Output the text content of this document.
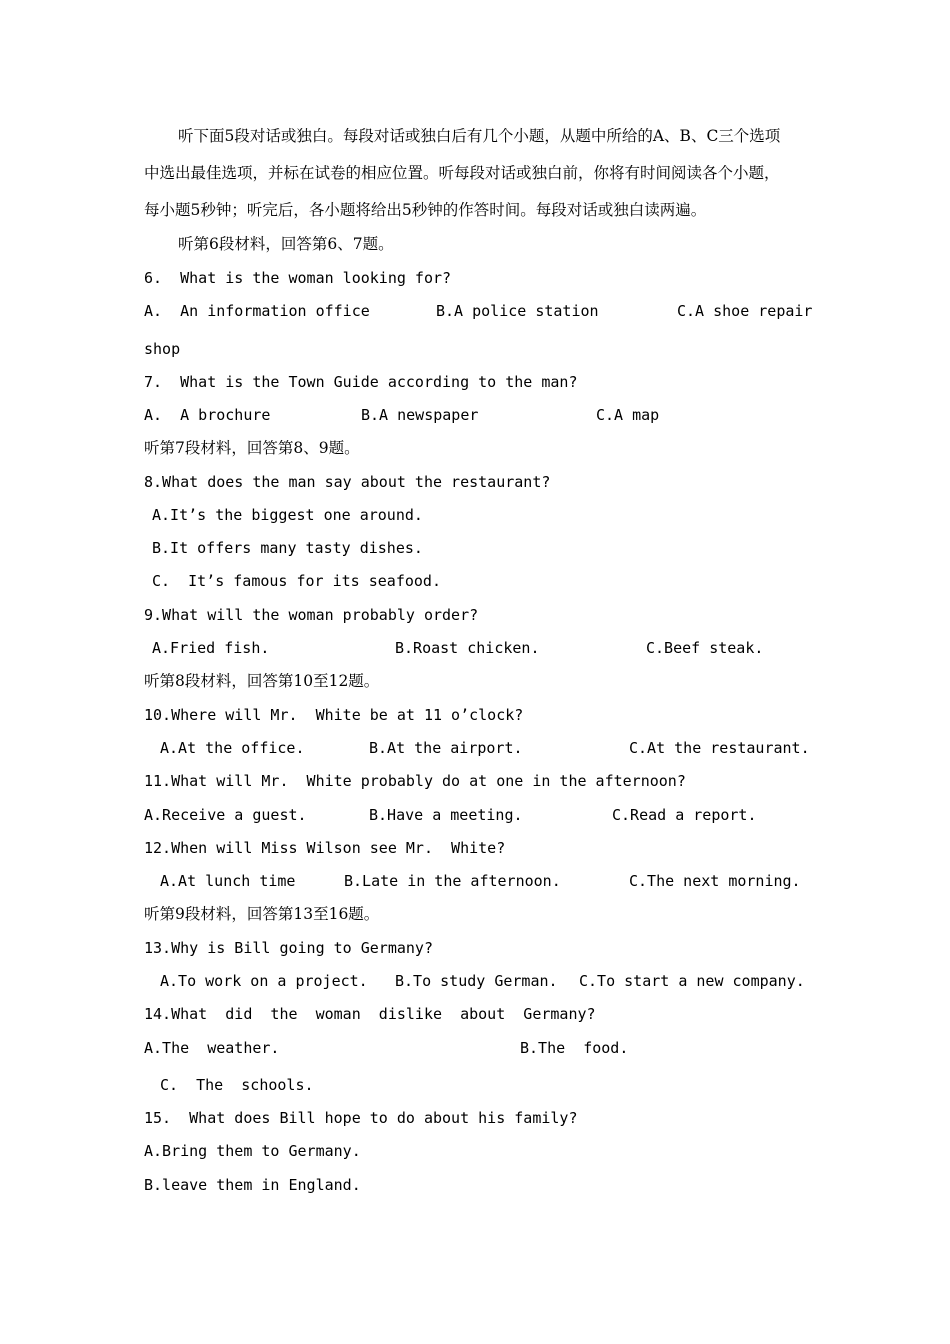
听下面5段对话或独白。每段对话或独白后有几个小题，从题中所给的A、B、C三个选项
中选出最佳选项，并标在试卷的相应位置。听每段对话或独白前，你将有时间阅读各个小题，
每小题5秒钟；听完后，各小题将给出5秒钟的作答时间。每段对话或独白读两遍。
听第6段材料，回答第6、7题。
6.  What is the woman looking for?
A.  An information office	B.A police station	C.A shoe repair
shop
7.  What is the Town Guide according to the man?
A.  A brochure	B.A newspaper	C.A map
听第7段材料，回答第8、9题。
8.What does the man say about the restaurant?
A.It’s the biggest one around.
B.It offers many tasty dishes.
C.  It’s famous for its seafood.
9.What will the woman probably order?
A.Fried fish.	B.Roast chicken.	C.Beef steak.
听第8段材料，回答第10至12题。
10.Where will Mr.  White be at 11 o’clock?
A.At the office.	B.At the airport.	C.At the restaurant.
11.What will Mr.  White probably do at one in the afternoon?
A.Receive a guest.	B.Have a meeting.	C.Read a report.
12.When will Miss Wilson see Mr.  White?
A.At lunch time	B.Late in the afternoon.	C.The next morning.
听第9段材料，回答第13至16题。
13.Why is Bill going to Germany?
A.To work on a project. B.To study German. C.To start a new company.
14.What  did  the  woman  dislike  about  Germany?
A.The  weather.	B.The  food.
C.  The  schools.
15.  What does Bill hope to do about his family?
A.Bring them to Germany.
B.leave them in England.
